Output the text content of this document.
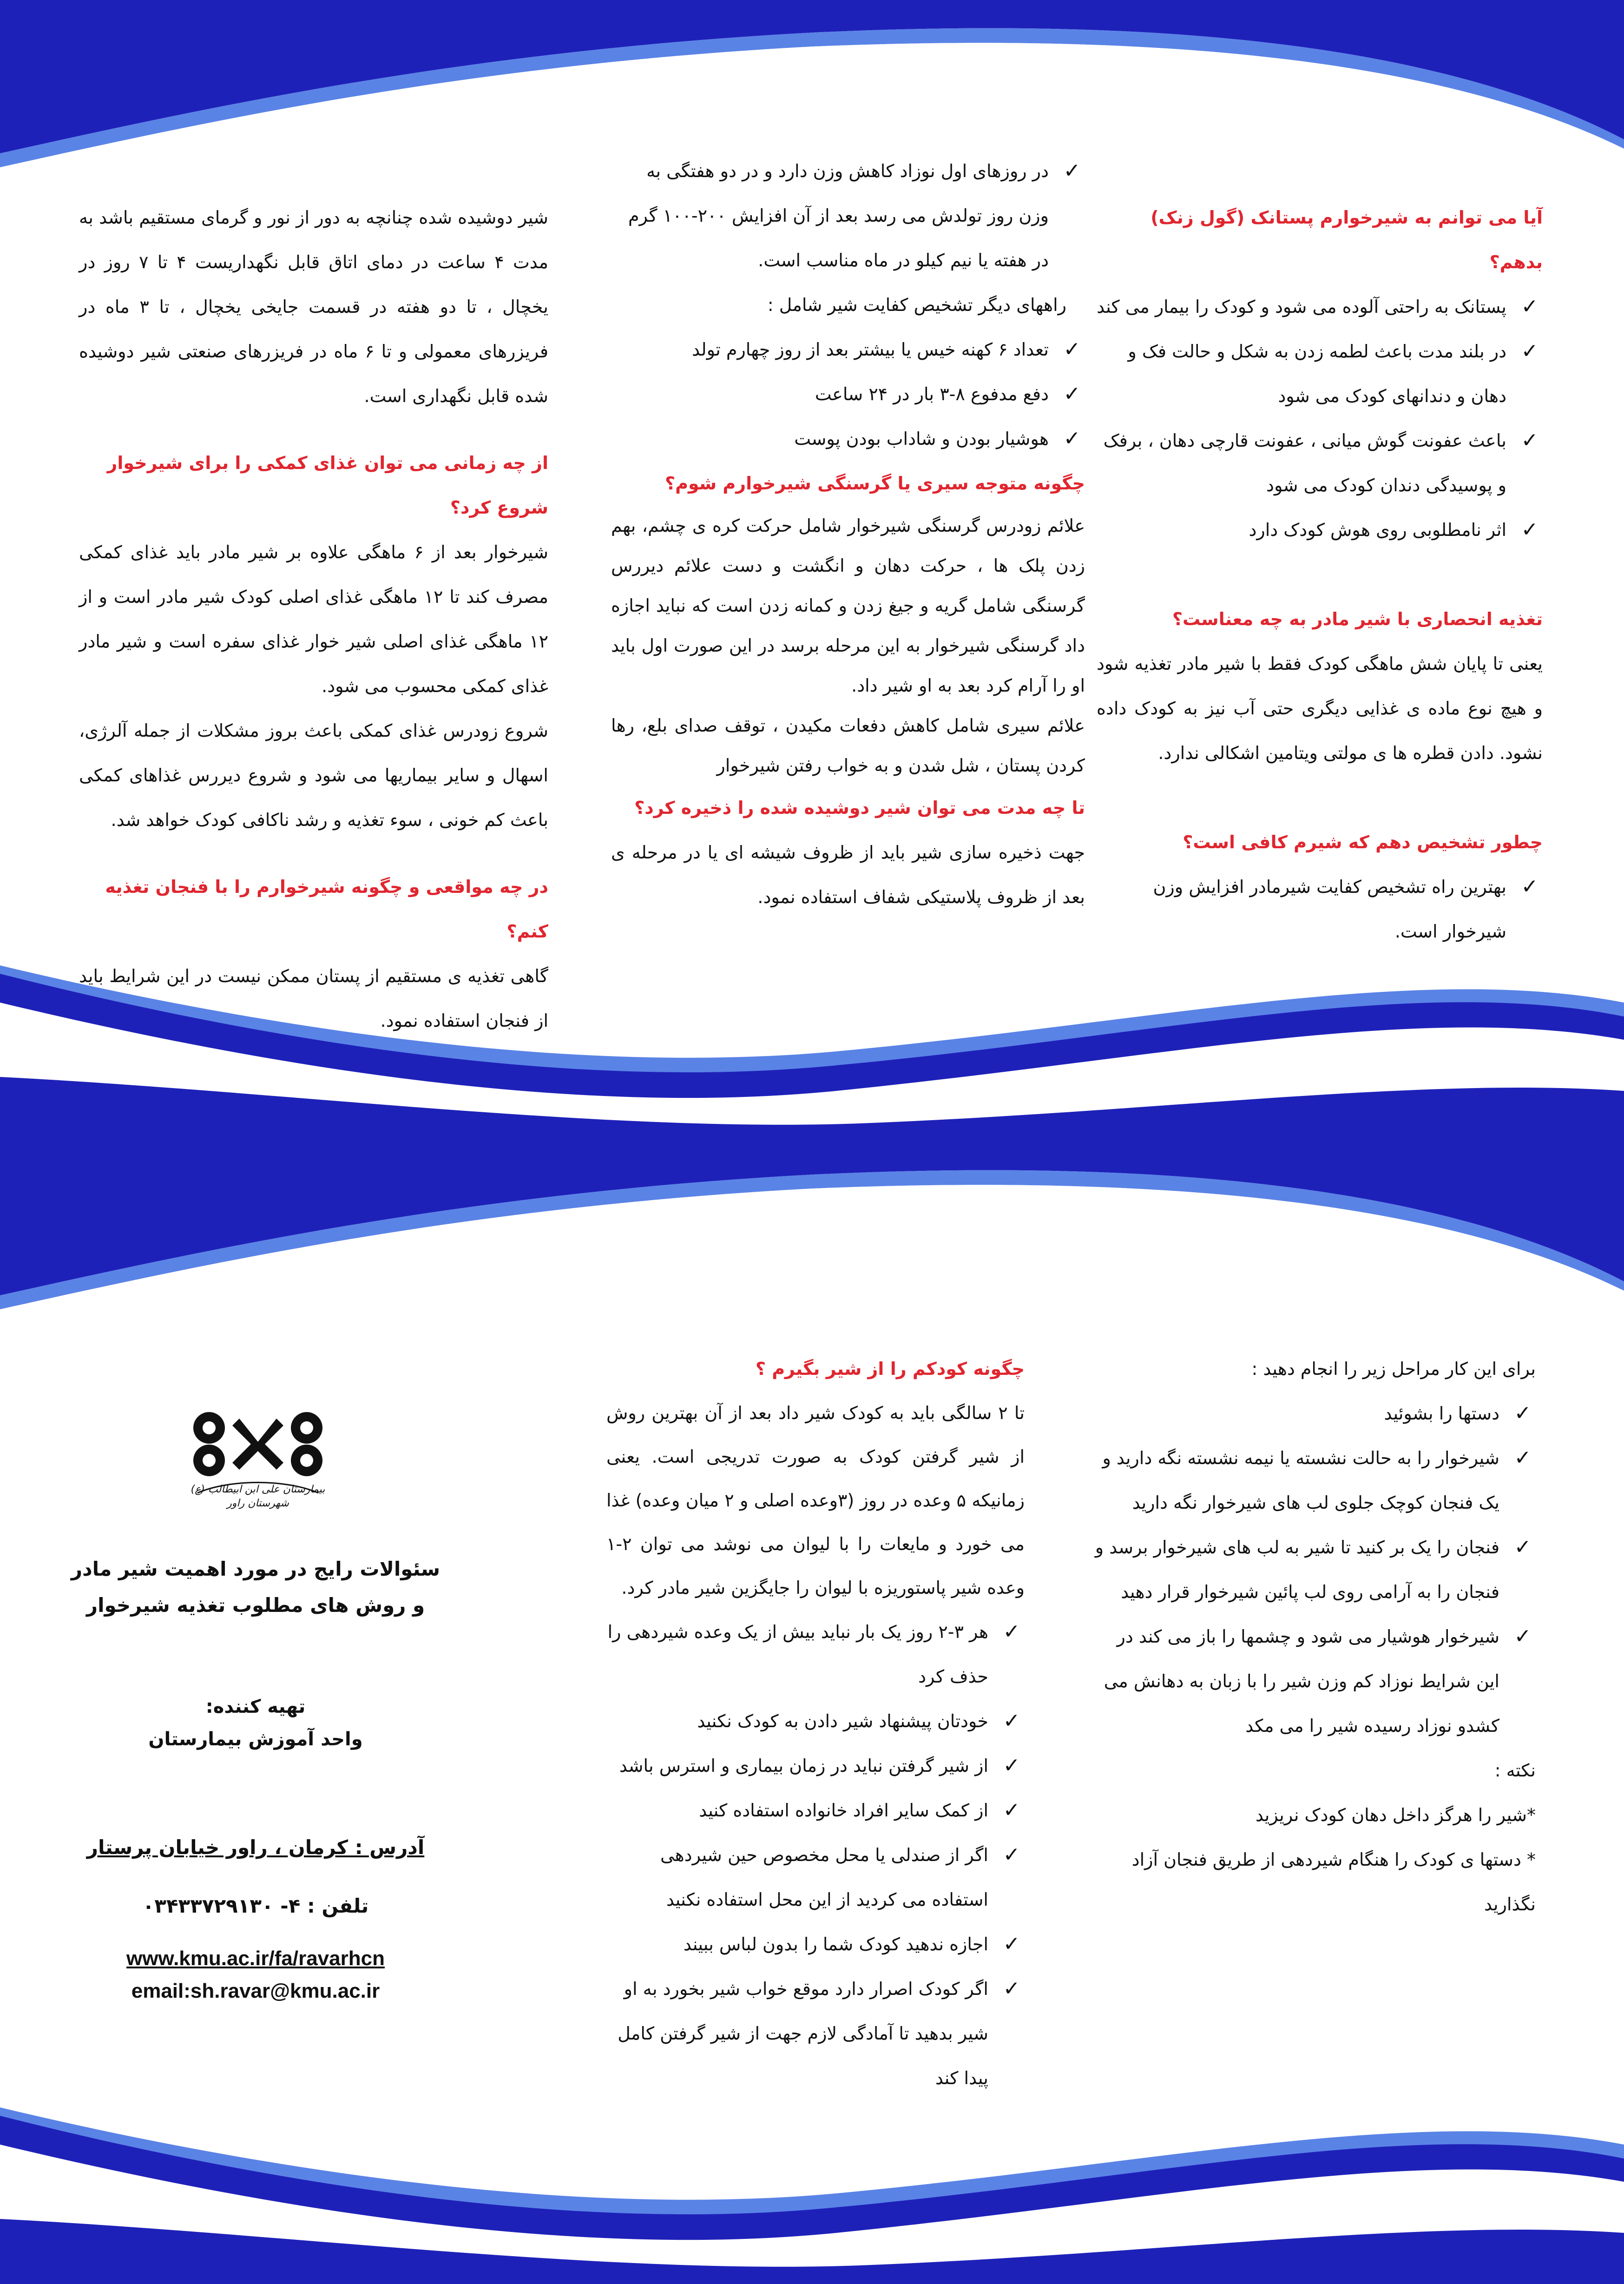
آیا می توانم به شیرخوارم پستانک (گول زنک) بدهم؟
✓
پستانک به راحتی آلوده می شود و کودک را بیمار می کند
✓
در بلند مدت باعث لطمه زدن به شکل و حالت فک و دهان و دندانهای کودک می شود
✓
باعث عفونت گوش میانی ، عفونت قارچی دهان ، برفک و پوسیدگی دندان کودک می شود
✓
اثر نامطلوبی روی هوش کودک دارد
تغذیه انحصاری با شیر مادر به چه معناست؟

یعنی تا پایان شش ماهگی کودک فقط با شیر مادر تغذیه شود و هیچ نوع ماده ی غذایی دیگری حتی آب نیز به کودک داده نشود. دادن قطره ها ی مولتی ویتامین اشکالی ندارد.

چطور تشخیص دهم که شیرم کافی است؟
✓
بهترین راه تشخیص کفایت شیرمادر افزایش وزن شیرخوار است.
✓
در روزهای اول نوزاد کاهش وزن دارد و در دو هفتگی به وزن روز تولدش می رسد بعد از آن افزایش ۲۰۰-۱۰۰ گرم در هفته یا نیم کیلو در ماه مناسب است.
راههای دیگر تشخیص کفایت شیر شامل :
✓
تعداد ۶ کهنه خیس یا بیشتر بعد از روز چهارم تولد
✓
دفع مدفوع ۸-۳ بار در ۲۴ ساعت
✓
هوشیار بودن و شاداب بودن پوست
چگونه متوجه سیری یا گرسنگی شیرخوارم شوم؟

علائم زودرس گرسنگی شیرخوار شامل حرکت کره ی چشم، بهم زدن پلک ها ، حرکت دهان و انگشت و دست علائم دیررس گرسنگی شامل گریه و جیغ زدن و کمانه زدن است که نباید اجازه داد گرسنگی شیرخوار به این مرحله برسد در این صورت اول باید او را آرام کرد بعد به او شیر داد.

علائم سیری شامل کاهش دفعات مکیدن ، توقف صدای بلع، رها کردن پستان ، شل شدن و به خواب رفتن شیرخوار

تا چه مدت می توان شیر دوشیده شده را ذخیره کرد؟

جهت ذخیره سازی شیر باید از ظروف شیشه ای یا در مرحله ی بعد از ظروف پلاستیکی شفاف استفاده نمود.

شیر دوشیده شده چنانچه به دور از نور و گرمای مستقیم باشد به مدت ۴ ساعت در دمای اتاق قابل نگهداریست ۴ تا ۷ روز در یخچال ، تا دو هفته در قسمت جایخی یخچال ، تا ۳ ماه در فریزرهای معمولی و تا ۶ ماه در فریزرهای صنعتی شیر دوشیده شده قابل نگهداری است.

از چه زمانی می توان غذای کمکی را برای شیرخوار شروع کرد؟

شیرخوار بعد از ۶ ماهگی علاوه بر شیر مادر باید غذای کمکی مصرف کند تا ۱۲ ماهگی غذای اصلی کودک شیر مادر است و از ۱۲ ماهگی غذای اصلی شیر خوار غذای سفره است و شیر مادر غذای کمکی محسوب می شود.

شروع زودرس غذای کمکی باعث بروز مشکلات از جمله آلرژی، اسهال و سایر بیماریها می شود و شروع دیررس غذاهای کمکی باعث کم خونی ، سوء تغذیه و رشد ناکافی کودک خواهد شد.

در چه مواقعی و چگونه شیرخوارم را با فنجان تغذیه کنم؟

گاهی تغذیه ی مستقیم از پستان ممکن نیست در این شرایط باید از فنجان استفاده نمود.

برای این کار مراحل زیر را انجام دهید :
✓
دستها را بشوئید
✓
شیرخوار را به حالت نشسته یا نیمه نشسته نگه دارید و یک فنجان کوچک جلوی لب های شیرخوار نگه دارید
✓
فنجان را یک بر کنید تا شیر به لب های شیرخوار برسد و فنجان را به آرامی روی لب پائین شیرخوار قرار دهید
✓
شیرخوار هوشیار می شود و چشمها را باز می کند در این شرایط نوزاد کم وزن شیر را با زبان به دهانش می کشدو نوزاد رسیده شیر را می مکد
نکته :
*شیر را هرگز داخل دهان کودک نریزید
* دستها ی کودک را هنگام شیردهی از طریق فنجان آزاد نگذارید
چگونه کودکم را از شیر بگیرم ؟

تا ۲ سالگی باید به کودک شیر داد بعد از آن بهترین روش از شیر گرفتن کودک به صورت تدریجی است. یعنی زمانیکه ۵ وعده در روز (۳وعده اصلی و ۲ میان وعده) غذا می خورد و مایعات را با لیوان می نوشد می توان ۲-۱ وعده شیر پاستوریزه با لیوان را جایگزین شیر مادر کرد.

✓
هر ۳-۲ روز یک بار نباید بیش از یک وعده شیردهی را حذف کرد
✓
خودتان پیشنهاد شیر دادن به کودک نکنید
✓
از شیر گرفتن نباید در زمان بیماری و استرس باشد
✓
از کمک سایر افراد خانواده استفاده کنید
✓
اگر از صندلی یا محل مخصوص حین شیردهی استفاده می کردید از این محل استفاده نکنید
✓
اجازه ندهید کودک شما را بدون لباس ببیند
✓
اگر کودک اصرار دارد موقع خواب شیر بخورد به او شیر بدهید تا آمادگی لازم جهت از شیر گرفتن کامل پیدا کند
بیمارستان علی ابن ابیطالب (ع) شهرستان راور
سئوالات رایج در مورد اهمیت شیر مادر و روش های مطلوب تغذیه شیرخوار
تهیه کننده:
واحد آموزش بیمارستان
آدرس : کرمان ، راور خیابان پرستار
تلفن : ۴- ۰۳۴۳۳۷۲۹۱۳۰
www.kmu.ac.ir/fa/ravarhcn
email:sh.ravar@kmu.ac.ir
